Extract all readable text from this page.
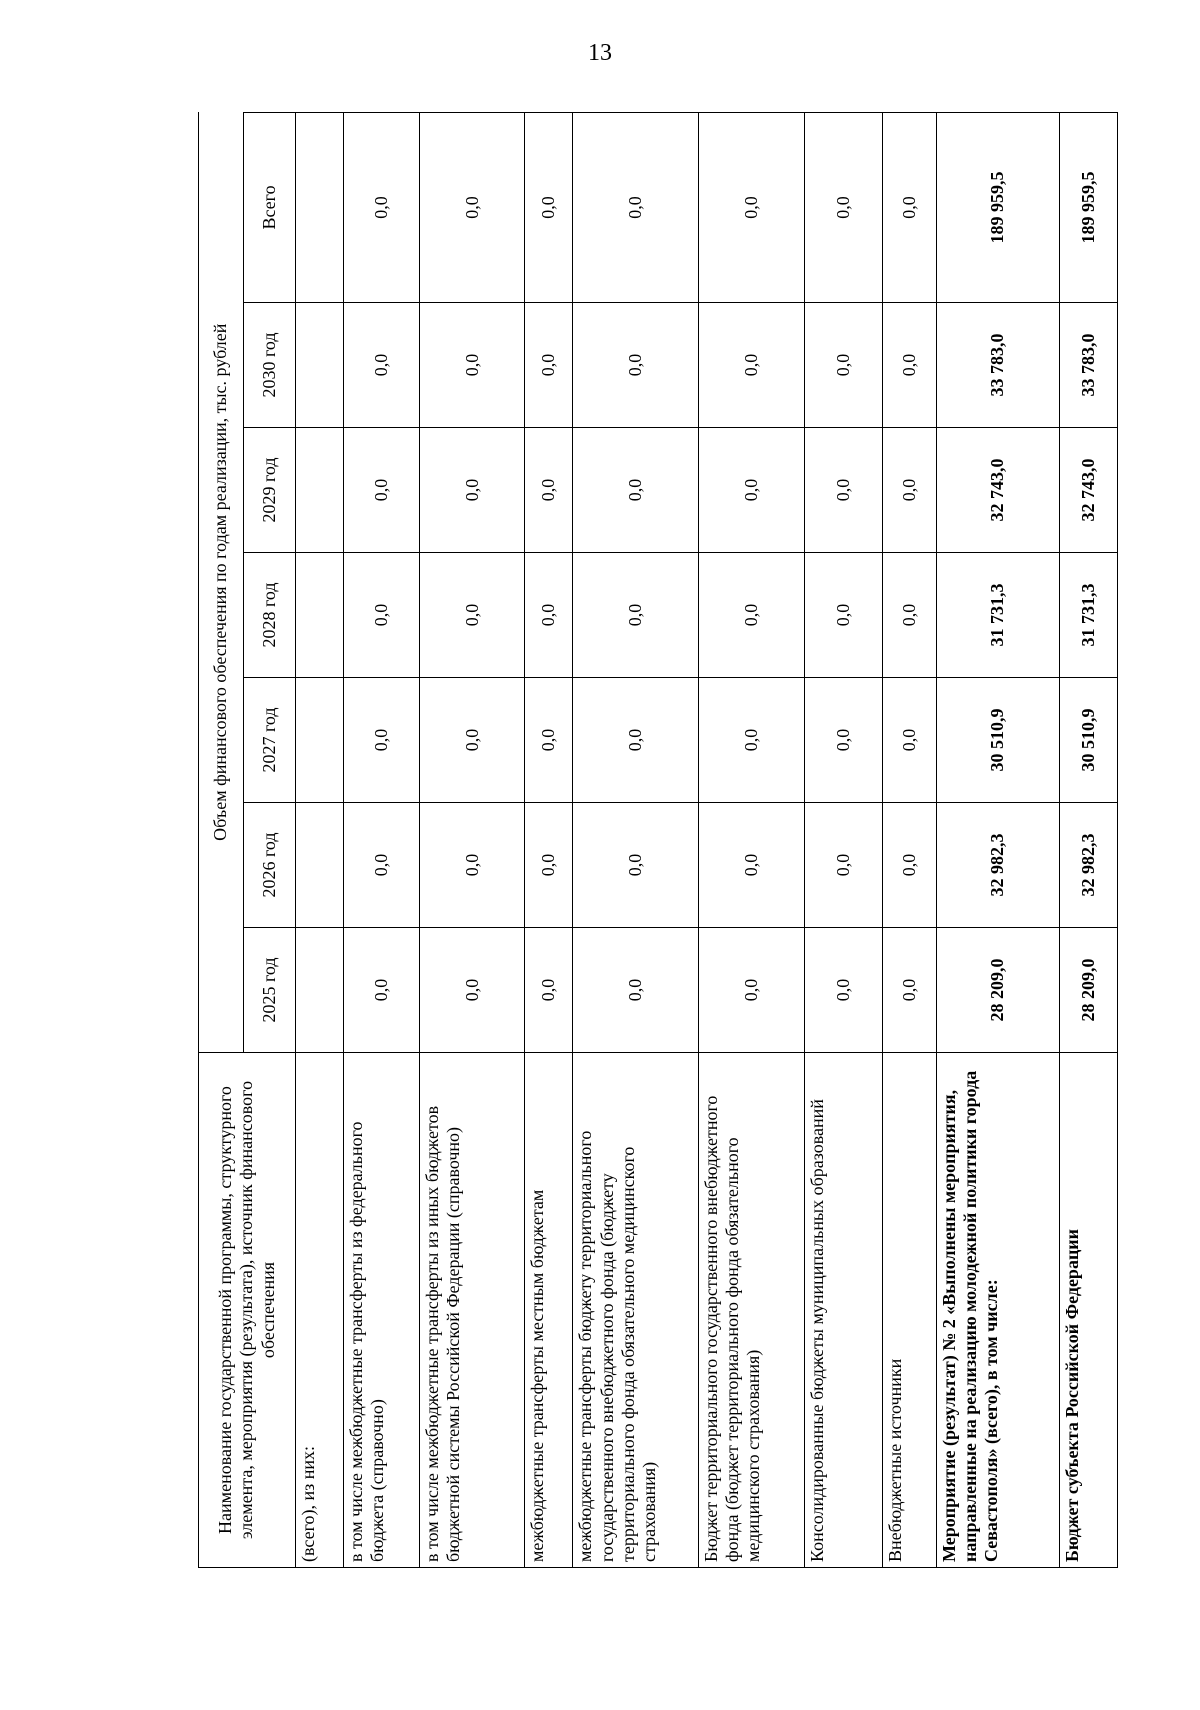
13
Наименование государственной программы, структурного элемента, мероприятия (результата), источник финансового обеспечения	Объем финансового обеспечения по годам реализации, тыс. рублей						
	2025 год	2026 год	2027 год	2028 год	2029 год	2030 год	Всего
(всего), из них:							
в том числе межбюджетные трансферты из федерального бюджета (справочно)	0,0	0,0	0,0	0,0	0,0	0,0	0,0
в том числе межбюджетные трансферты из иных бюджетов бюджетной системы Российской Федерации (справочно)	0,0	0,0	0,0	0,0	0,0	0,0	0,0
межбюджетные трансферты местным бюджетам	0,0	0,0	0,0	0,0	0,0	0,0	0,0
межбюджетные трансферты бюджету территориального государственного внебюджетного фонда (бюджету территориального фонда обязательного медицинского страхования)	0,0	0,0	0,0	0,0	0,0	0,0	0,0
Бюджет территориального государственного внебюджетного фонда (бюджет территориального фонда обязательного медицинского страхования)	0,0	0,0	0,0	0,0	0,0	0,0	0,0
Консолидированные бюджеты муниципальных образований	0,0	0,0	0,0	0,0	0,0	0,0	0,0
Внебюджетные источники	0,0	0,0	0,0	0,0	0,0	0,0	0,0
Мероприятие (результат) № 2 «Выполнены мероприятия, направленные на реализацию молодежной политики города Севастополя» (всего), в том числе:	28 209,0	32 982,3	30 510,9	31 731,3	32 743,0	33 783,0	189 959,5
Бюджет субъекта Российской Федерации	28 209,0	32 982,3	30 510,9	31 731,3	32 743,0	33 783,0	189 959,5
